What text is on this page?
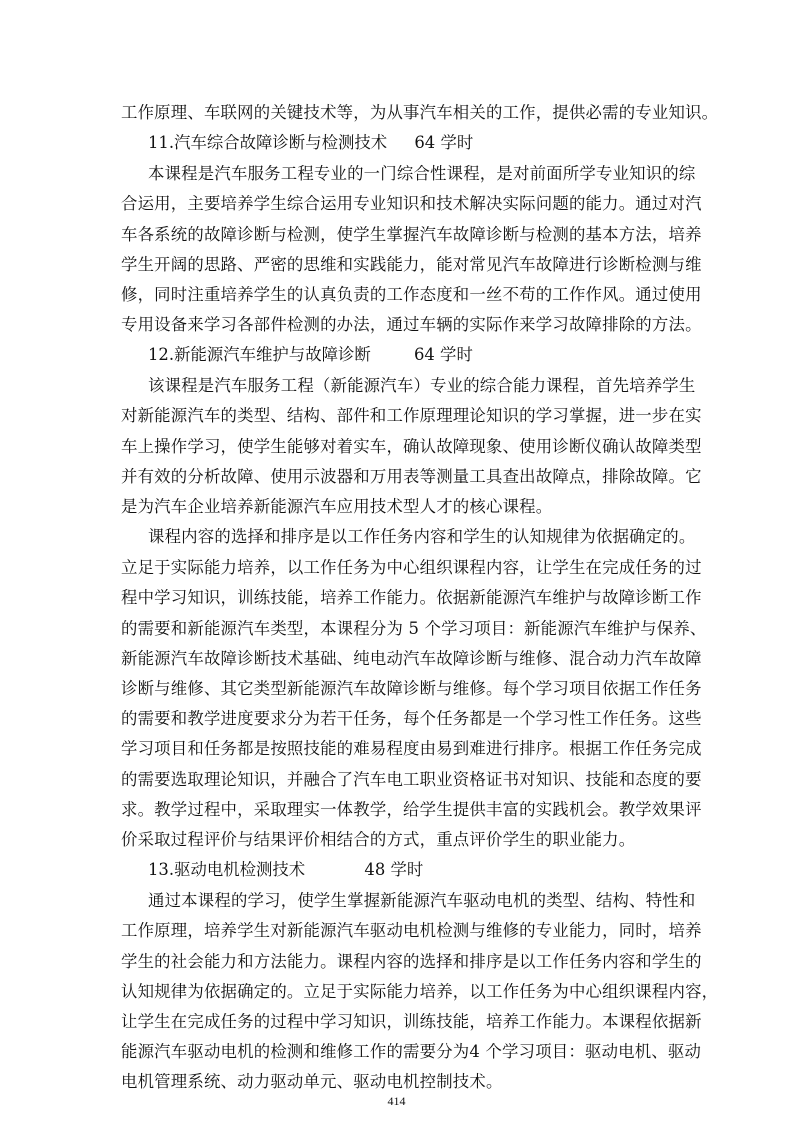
工作原理、车联网的关键技术等，为从事汽车相关的工作，提供必需的专业知识。
11.汽车综合故障诊断与检测技术 64 学时
本课程是汽车服务工程专业的一门综合性课程，是对前面所学专业知识的综
合运用，主要培养学生综合运用专业知识和技术解决实际问题的能力。通过对汽
车各系统的故障诊断与检测，使学生掌握汽车故障诊断与检测的基本方法，培养
学生开阔的思路、严密的思维和实践能力，能对常见汽车故障进行诊断检测与维
修，同时注重培养学生的认真负责的工作态度和一丝不苟的工作作风。通过使用
专用设备来学习各部件检测的办法，通过车辆的实际作来学习故障排除的方法。
12.新能源汽车维护与故障诊断	64 学时
该课程是汽车服务工程（新能源汽车）专业的综合能力课程，首先培养学生
对新能源汽车的类型、结构、部件和工作原理理论知识的学习掌握，进一步在实
车上操作学习，使学生能够对着实车，确认故障现象、使用诊断仪确认故障类型
并有效的分析故障、使用示波器和万用表等测量工具查出故障点，排除故障。它
是为汽车企业培养新能源汽车应用技术型人才的核心课程。
课程内容的选择和排序是以工作任务内容和学生的认知规律为依据确定的。
立足于实际能力培养，以工作任务为中心组织课程内容，让学生在完成任务的过
程中学习知识，训练技能，培养工作能力。依据新能源汽车维护与故障诊断工作
的需要和新能源汽车类型，本课程分为 5 个学习项目：新能源汽车维护与保养、
新能源汽车故障诊断技术基础、纯电动汽车故障诊断与维修、混合动力汽车故障
诊断与维修、其它类型新能源汽车故障诊断与维修。每个学习项目依据工作任务
的需要和教学进度要求分为若干任务，每个任务都是一个学习性工作任务。这些
学习项目和任务都是按照技能的难易程度由易到难进行排序。根据工作任务完成
的需要选取理论知识，并融合了汽车电工职业资格证书对知识、技能和态度的要
求。教学过程中，采取理实一体教学，给学生提供丰富的实践机会。教学效果评
价采取过程评价与结果评价相结合的方式，重点评价学生的职业能力。
13.驱动电机检测技术	48 学时
通过本课程的学习，使学生掌握新能源汽车驱动电机的类型、结构、特性和
工作原理，培养学生对新能源汽车驱动电机检测与维修的专业能力，同时，培养
学生的社会能力和方法能力。课程内容的选择和排序是以工作任务内容和学生的
认知规律为依据确定的。立足于实际能力培养，以工作任务为中心组织课程内容，
让学生在完成任务的过程中学习知识，训练技能，培养工作能力。本课程依据新
能源汽车驱动电机的检测和维修工作的需要分为4 个学习项目：驱动电机、驱动
电机管理系统、动力驱动单元、驱动电机控制技术。
414
